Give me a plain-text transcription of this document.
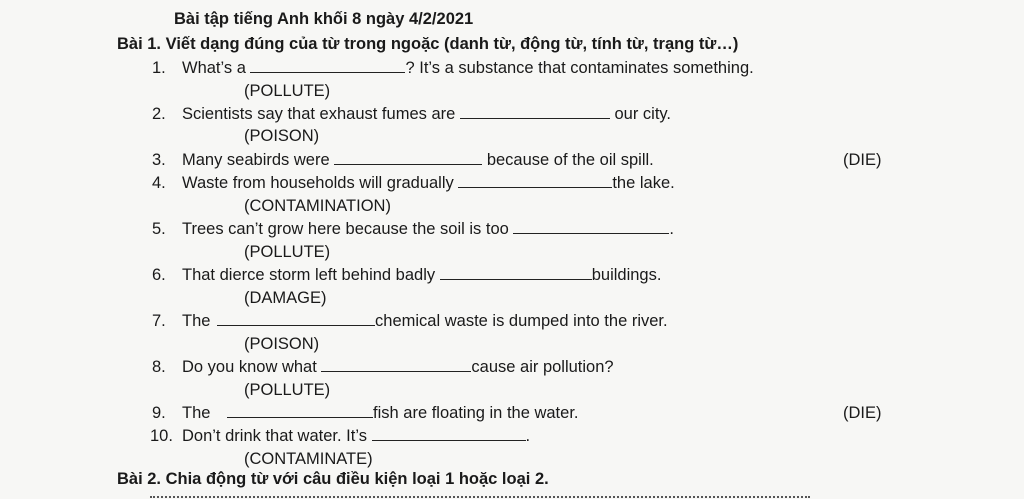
Bài tập tiếng Anh khối 8 ngày 4/2/2021
Bài 1. Viết dạng đúng của từ trong ngoặc (danh từ, động từ, tính từ, trạng từ…)
1. What’s a	? It’s a substance that contaminates something.
(POLLUTE)
2. Scientists say that exhaust fumes are	our city.
(POISON)
3. Many seabirds were	because of the oil spill.	(DIE)
4. Waste from households will gradually	the lake.
(CONTAMINATION)
5. Trees can’t grow here because the soil is too	.
(POLLUTE)
6. That dierce storm left behind badly	buildings.
(DAMAGE)
7. The	chemical waste is dumped into the river.
(POISON)
8. Do you know what	cause air pollution?
(POLLUTE)
9. The	fish are floating in the water.	(DIE)
10. Don’t drink that water. It’s	.
(CONTAMINATE)
Bài 2. Chia động từ với câu điều kiện loại 1 hoặc loại 2.
